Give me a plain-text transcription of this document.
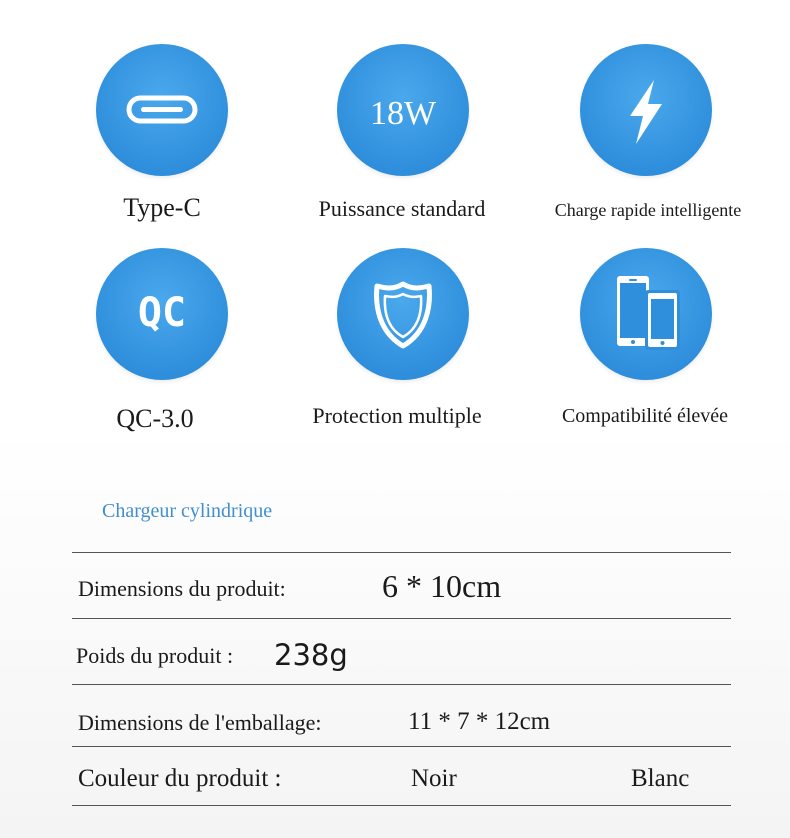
Type-C
18W
Puissance standard	Charge rapide intelligente
QC
QC-3.0	Protection multiple	Compatibilité élevée
Chargeur cylindrique
Dimensions du produit:	6 * 10cm
Poids du produit : 238g
Dimensions de l'emballage:	11 * 7 * 12cm
Couleur du produit :	Noir	Blanc
